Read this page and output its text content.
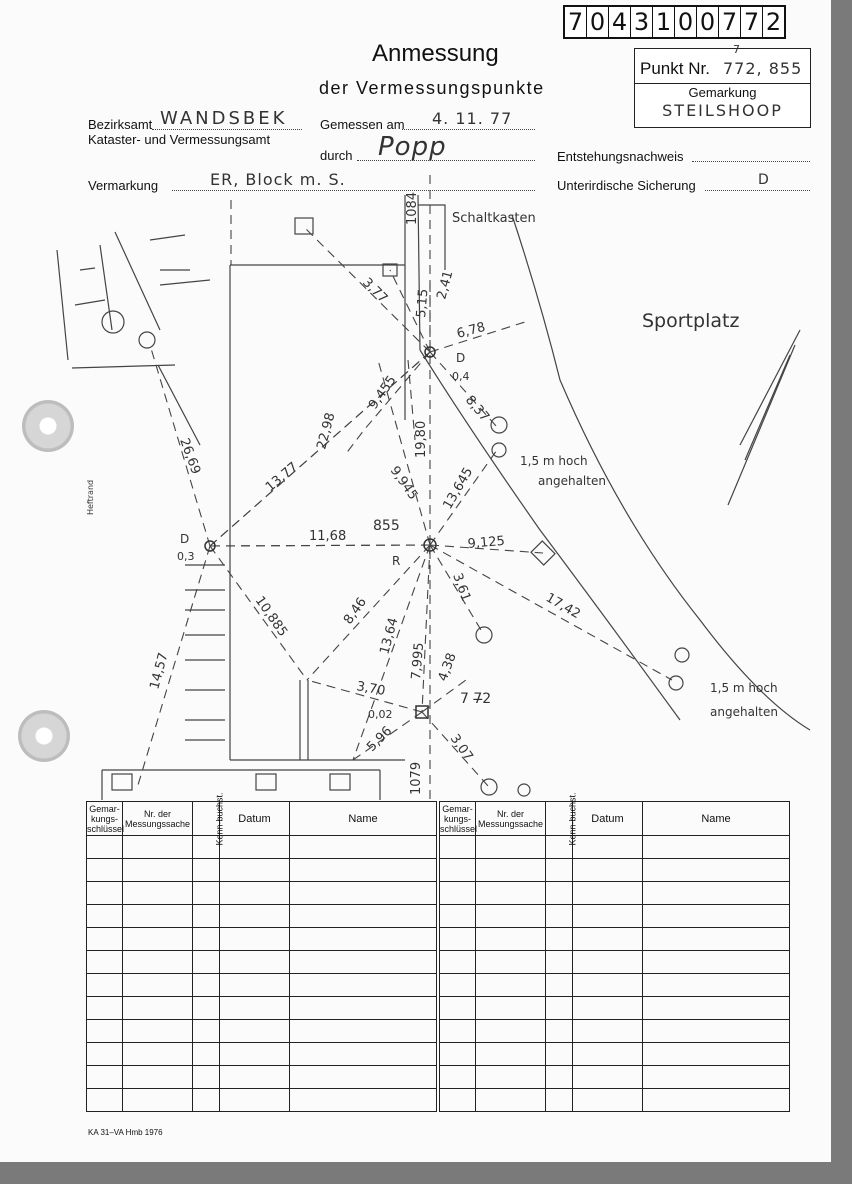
7 0 4 3 1 0 0 7 7 2
Anmessung
der Vermessungspunkte
Punkt Nr. 772, 855
7
Gemarkung
STEILSHOOP
Bezirksamt WANDSBEK
Kataster- und Vermessungsamt
Gemessen am 4. 11. 77
durch Popp	Entstehungsnachweis
Vermarkung	ER, Block m. S.	Unterirdische Sicherung	D
Schaltkasten
Sportplatz
1,5 m hoch
angehalten
1,5 m hoch
angehalten
855
R
7 7̶2
D
0,3
D
0,4
1084
1079
2,41
3,77 5,15
6,78
9,455
22,98	19,80
8,37
13,77	9,945 13,645
11,68	9,125
3,61
17,42
10,885	8,46
13,64
7,995 4,38
3,70
0,02
5,96	3,07
14,57
26,69
Heftrand
Gemar-kungs-schlüssel	Nr. der Messungssache	Kenn-buchst.	Datum	Name

Gemar-kungs-schlüssel	Nr. der Messungssache	Kenn-buchst.	Datum	Name

KA 31–VA Hmb 1976
